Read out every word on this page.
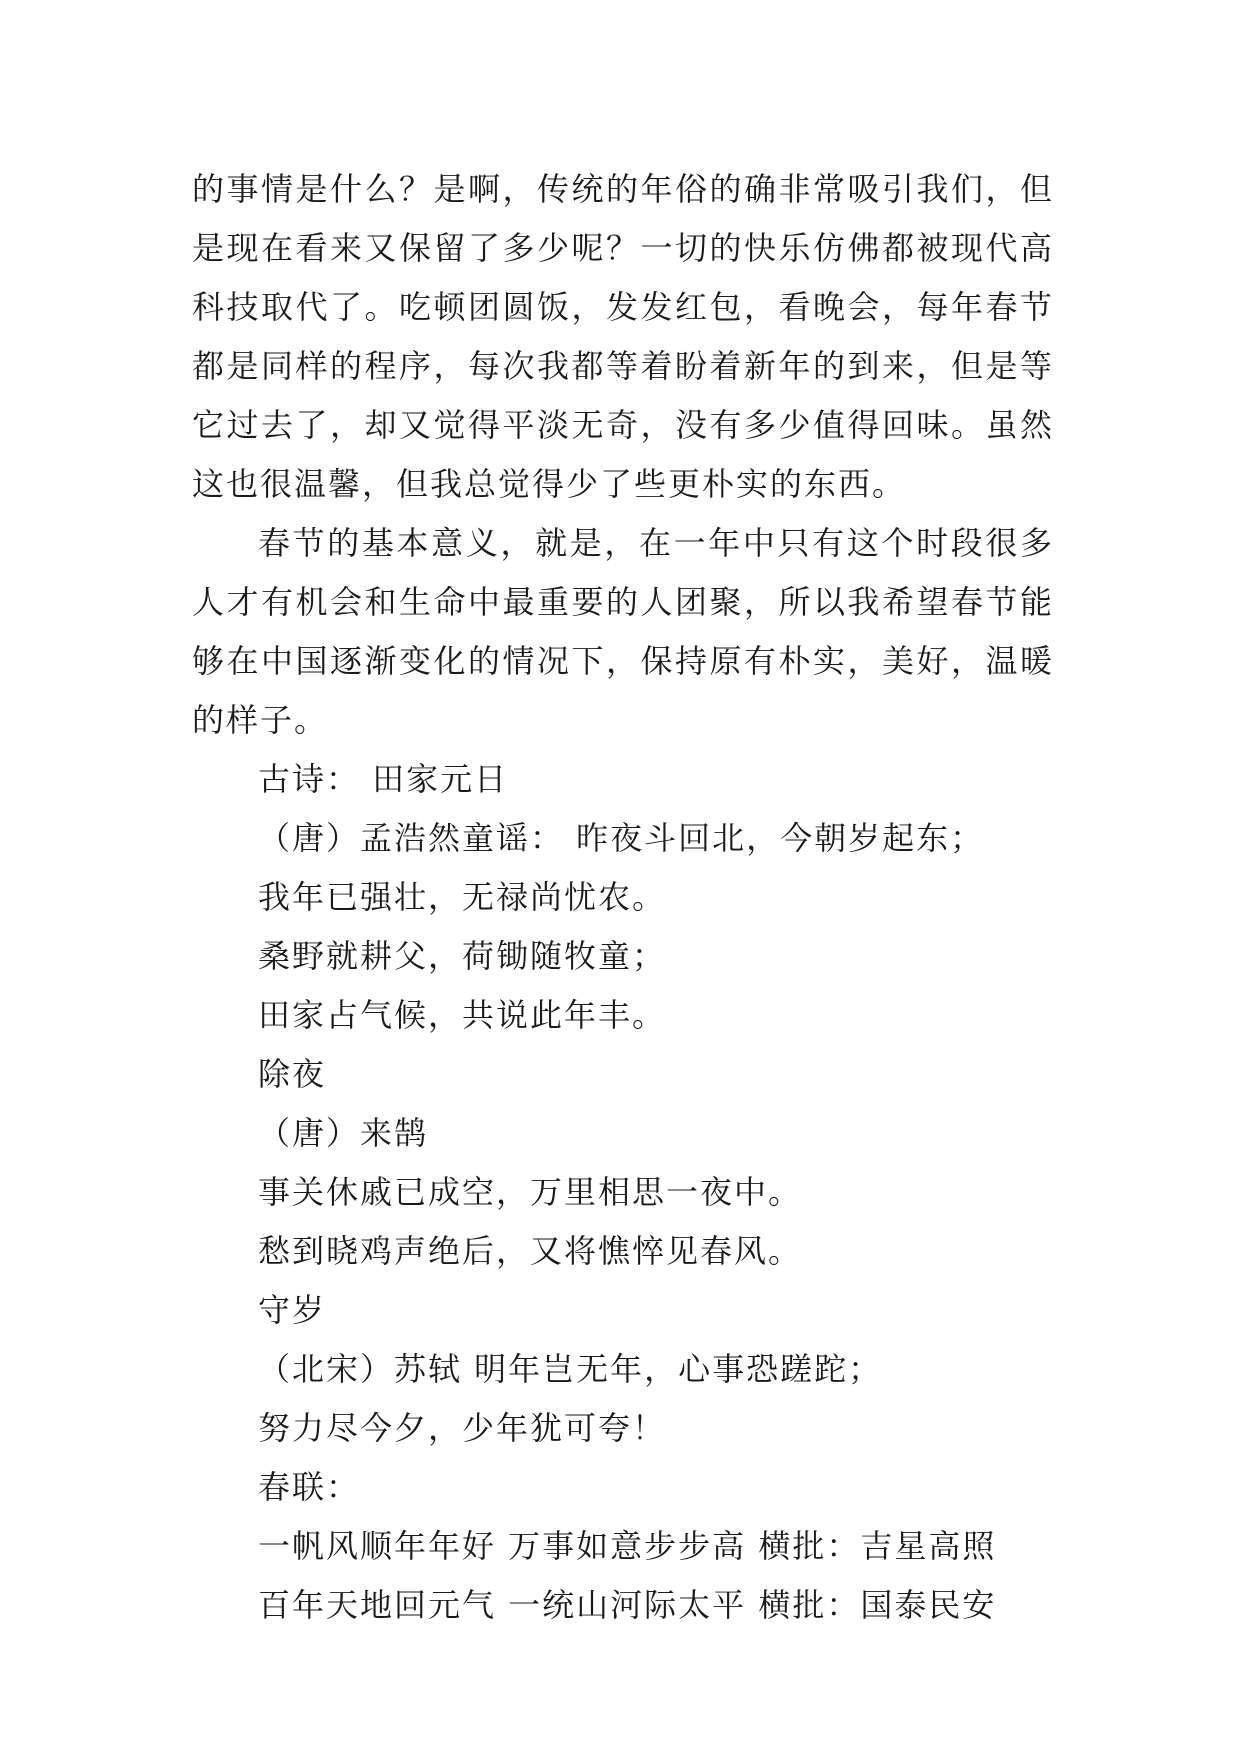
的事情是什么？是啊，传统的年俗的确非常吸引我们，但是现在看来又保留了多少呢？一切的快乐仿佛都被现代高科技取代了。吃顿团圆饭，发发红包，看晚会，每年春节都是同样的程序，每次我都等着盼着新年的到来，但是等它过去了，却又觉得平淡无奇，没有多少值得回味。虽然这也很温馨，但我总觉得少了些更朴实的东西。

春节的基本意义，就是，在一年中只有这个时段很多人才有机会和生命中最重要的人团聚，所以我希望春节能够在中国逐渐变化的情况下，保持原有朴实，美好，温暖的样子。

古诗： 田家元日

（唐）孟浩然童谣： 昨夜斗回北，今朝岁起东；

我年已强壮，无禄尚忧农。

桑野就耕父，荷锄随牧童；

田家占气候，共说此年丰。

除夜

（唐）来鹄

事关休戚已成空，万里相思一夜中。

愁到晓鸡声绝后，又将憔悴见春风。

守岁

（北宋）苏轼 明年岂无年，心事恐蹉跎；

努力尽今夕，少年犹可夸！

春联：

一帆风顺年年好 万事如意步步高 横批：吉星高照

百年天地回元气 一统山河际太平 横批：国泰民安
